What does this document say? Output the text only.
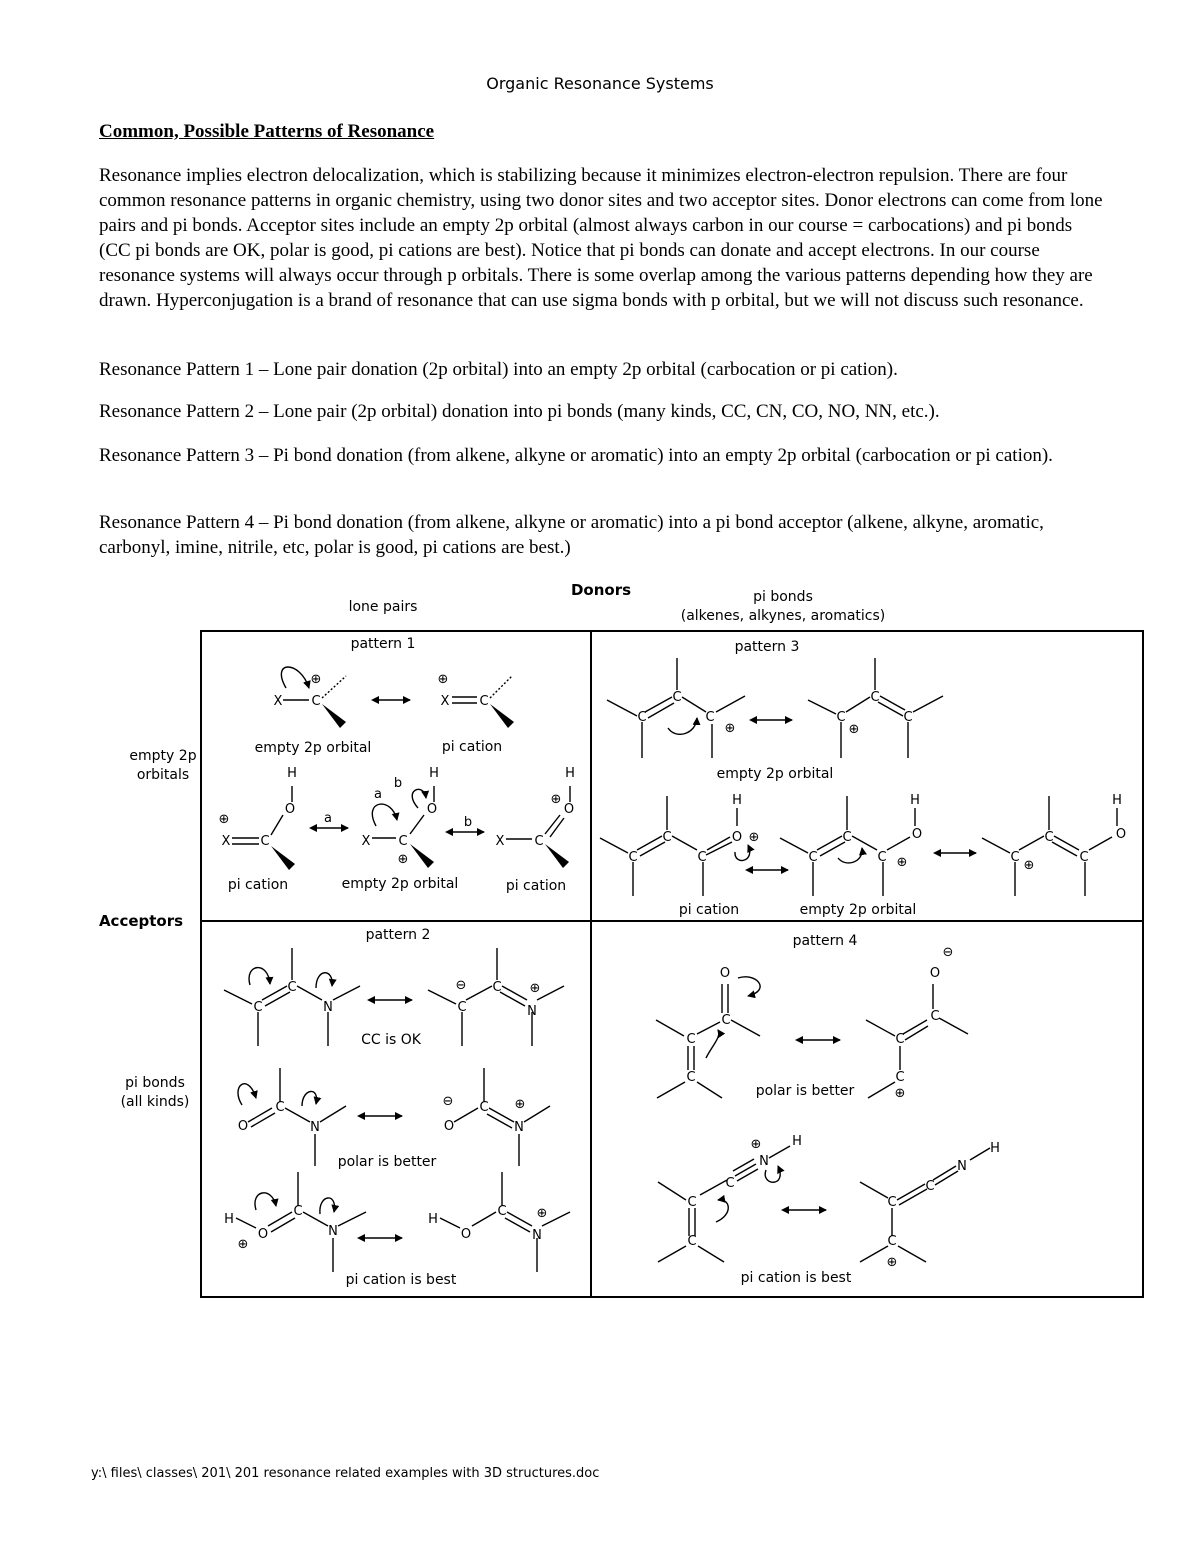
Organic Resonance Systems
Common, Possible Patterns of Resonance

Resonance implies electron delocalization, which is stabilizing because it minimizes electron-electron repulsion. There are four common resonance patterns in organic chemistry, using two donor sites and two acceptor sites. Donor electrons can come from lone pairs and pi bonds. Acceptor sites include an empty 2p orbital (almost always carbon in our course = carbocations) and pi bonds (CC pi bonds are OK, polar is good, pi cations are best). Notice that pi bonds can donate and accept electrons. In our course resonance systems will always occur through p orbitals. There is some overlap among the various patterns depending how they are drawn. Hyperconjugation is a brand of resonance that can use sigma bonds with p orbital, but we will not discuss such resonance.

Resonance Pattern 1 – Lone pair donation (2p orbital) into an empty 2p orbital (carbocation or pi cation).

Resonance Pattern 2 – Lone pair (2p orbital) donation into pi bonds (many kinds, CC, CN, CO, NO, NN, etc.).

Resonance Pattern 3 – Pi bond donation (from alkene, alkyne or aromatic) into an empty 2p orbital (carbocation or pi cation).

Resonance Pattern 4 – Pi bond donation (from alkene, alkyne or aromatic) into a pi bond acceptor (alkene, alkyne, aromatic, carbonyl, imine, nitrile, etc, polar is good, pi cations are best.)

Donors
lone pairs
pi bonds
(alkenes, alkynes, aromatics)
empty 2p
orbitals
Acceptors
pi bonds
(all kinds)
pattern 1
X C
⊕
X C
⊕
X C
⊕
O
H
X C
⊕
O
H
X C
O
H
⊕
a
a
b
b
empty 2p orbital	pi cation
pi cation	empty 2p orbital	pi cation
pattern 3
C
C
C
⊕
C
⊕
C
C
C
C
C
O
H
⊕
C
C
C ⊕
O
H
C
⊕
C
C
O
H
empty 2p orbital
pi cation	empty 2p orbital
pattern 2
C
C
N	C
⊖ C
N
⊕
O
C
N	O
⊖ C
N
⊕
H
O
⊕
C
N
H
O
C
N
⊕
CC is OK
polar is better
pi cation is best
pattern 4
O
C
C
C
⊖
O
C
C
C
⊕
⊕
N
H
C
C
C
C
N
H
C
C
⊕
polar is better
pi cation is best
y:\ files\ classes\ 201\ 201 resonance related examples with 3D structures.doc
